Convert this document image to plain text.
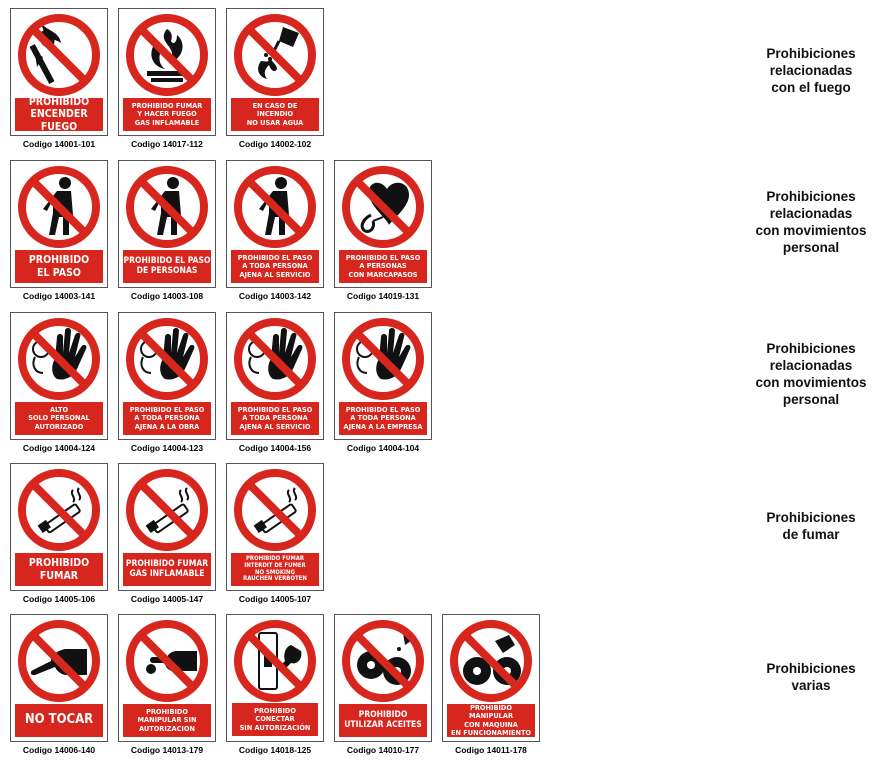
PROHIBIDO
ENCENDER FUEGO
Codigo 14001-101
PROHIBIDO FUMAR
Y HACER FUEGO
GAS INFLAMABLE
Codigo 14017-112
EN CASO DE
INCENDIO
NO USAR AGUA
Codigo 14002-102
Prohibiciones
relacionadas
con el fuego
PROHIBIDO
EL PASO
Codigo 14003-141
PROHIBIDO EL PASO
DE PERSONAS
Codigo 14003-108
PROHIBIDO EL PASO
A TODA PERSONA
AJENA AL SERVICIO
Codigo 14003-142
PROHIBIDO EL PASO
A PERSONAS
CON MARCAPASOS
Codigo 14019-131
Prohibiciones
relacionadas
con movimientos
personal
ALTO
SOLO PERSONAL
AUTORIZADO
Codigo 14004-124
PROHIBIDO EL PASO
A TODA PERSONA
AJENA A LA OBRA
Codigo 14004-123
PROHIBIDO EL PASO
A TODA PERSONA
AJENA AL SERVICIO
Codigo 14004-156
PROHIBIDO EL PASO
A TODA PERSONA
AJENA A LA EMPRESA
Codigo 14004-104
Prohibiciones
relacionadas
con movimientos
personal
PROHIBIDO
FUMAR
Codigo 14005-106
PROHIBIDO FUMAR
GAS INFLAMABLE
Codigo 14005-147
PROHIBIDO FUMAR
INTERDIT DE FUMER
NO SMOKING
RAUCHEN VERBOTEN
Codigo 14005-107
Prohibiciones
de fumar
NO TOCAR
Codigo 14006-140
PROHIBIDO
MANIPULAR SIN
AUTORIZACION
Codigo 14013-179
PROHIBIDO
CONECTAR
SIN AUTORIZACIÓN
Codigo 14018-125
PROHIBIDO
UTILIZAR ACEITES
Codigo 14010-177
PROHIBIDO MANIPULAR
CON MAQUINA
EN FUNCIONAMIENTO
Codigo 14011-178
Prohibiciones
varias
